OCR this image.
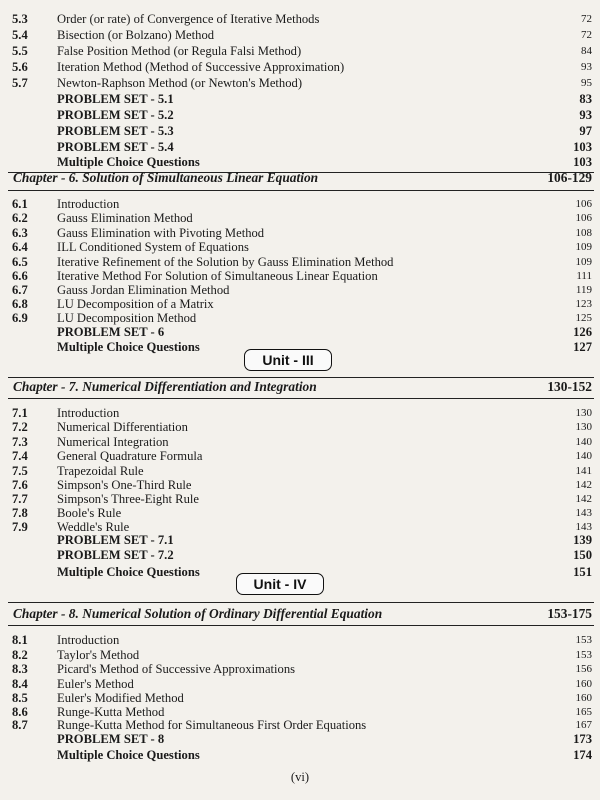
5.3 Order (or rate) of Convergence of Iterative Methods	72
5.4 Bisection (or Bolzano) Method	72
5.5 False Position Method (or Regula Falsi Method)	84
5.6 Iteration Method (Method of Successive Approximation)	93
5.7 Newton-Raphson Method (or Newton's Method)	95
PROBLEM SET - 5.1	83
PROBLEM SET - 5.2	93
PROBLEM SET - 5.3	97
PROBLEM SET - 5.4	103
Multiple Choice Questions	103
Chapter - 6. Solution of Simultaneous Linear Equation	106-129
6.1 Introduction	106
6.2 Gauss Elimination Method	106
6.3 Gauss Elimination with Pivoting Method	108
6.4 ILL Conditioned System of Equations	109
6.5 Iterative Refinement of the Solution by Gauss Elimination Method	109
6.6 Iterative Method For Solution of Simultaneous Linear Equation	111
6.7 Gauss Jordan Elimination Method	119
6.8 LU Decomposition of a Matrix	123
6.9 LU Decomposition Method	125
PROBLEM SET - 6	126
Multiple Choice Questions	127
Unit - III
Chapter - 7. Numerical Differentiation and Integration	130-152
7.1 Introduction	130
7.2 Numerical Differentiation	130
7.3 Numerical Integration	140
7.4 General Quadrature Formula	140
7.5 Trapezoidal Rule	141
7.6 Simpson's One-Third Rule	142
7.7 Simpson's Three-Eight Rule	142
7.8 Boole's Rule	143
7.9 Weddle's Rule	143
PROBLEM SET - 7.1	139
PROBLEM SET - 7.2	150
Multiple Choice Questions	151
Unit - IV
Chapter - 8. Numerical Solution of Ordinary Differential Equation	153-175
8.1 Introduction	153
8.2 Taylor's Method	153
8.3 Picard's Method of Successive Approximations	156
8.4 Euler's Method	160
8.5 Euler's Modified Method	160
8.6 Runge-Kutta Method	165
8.7 Runge-Kutta Method for Simultaneous First Order Equations	167
PROBLEM SET - 8	173
Multiple Choice Questions	174
(vi)
